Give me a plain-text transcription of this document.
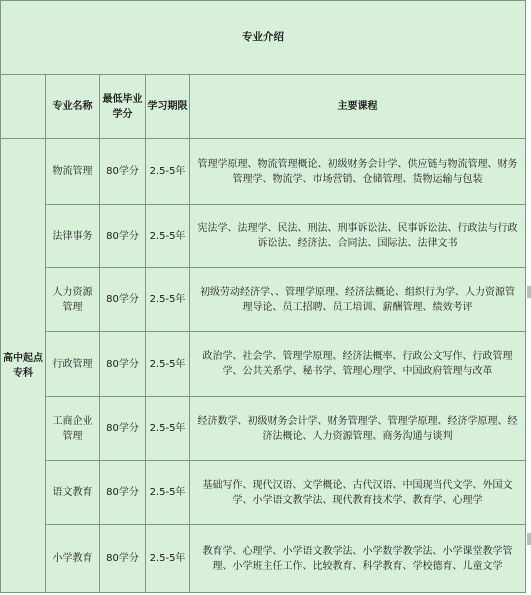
专业介绍				
	专业名称	最低毕业学分	学习期限	主要课程
高中起点专科	物流管理	80学分	2.5-5年	管理学原理、物流管理概论、初级财务会计学、供应链与物流管理、财务管理学、物流学、市场营销、仓储管理、货物运输与包装
	法律事务	80学分	2.5-5年	宪法学、法理学、民法、刑法、刑事诉讼法、民事诉讼法、行政法与行政诉讼法、经济法、合同法、国际法、法律文书
	人力资源管理	80学分	2.5-5年	初级劳动经济学、、管理学原理、经济法概论、组织行为学、人力资源管理导论、员工招聘、员工培训、薪酬管理、绩效考评
	行政管理	80学分	2.5-5年	政治学、社会学、管理学原理、经济法概率、行政公文写作、行政管理学、公共关系学、秘书学、管理心理学、中国政府管理与改革
	工商企业管理	80学分	2.5-5年	经济数学、初级财务会计学、财务管理学、管理学原理、经济学原理、经济法概论、人力资源管理、商务沟通与谈判
	语文教育	80学分	2.5-5年	基础写作、现代汉语、文学概论、古代汉语、中国现当代文学、外国文学、小学语文教学法、现代教育技术学、教育学、心理学
	小学教育	80学分	2.5-5年	教育学、心理学、小学语文教学法、小学数学教学法、小学课堂教学管理、小学班主任工作、比较教育、科学教育、学校德育、儿童文学
